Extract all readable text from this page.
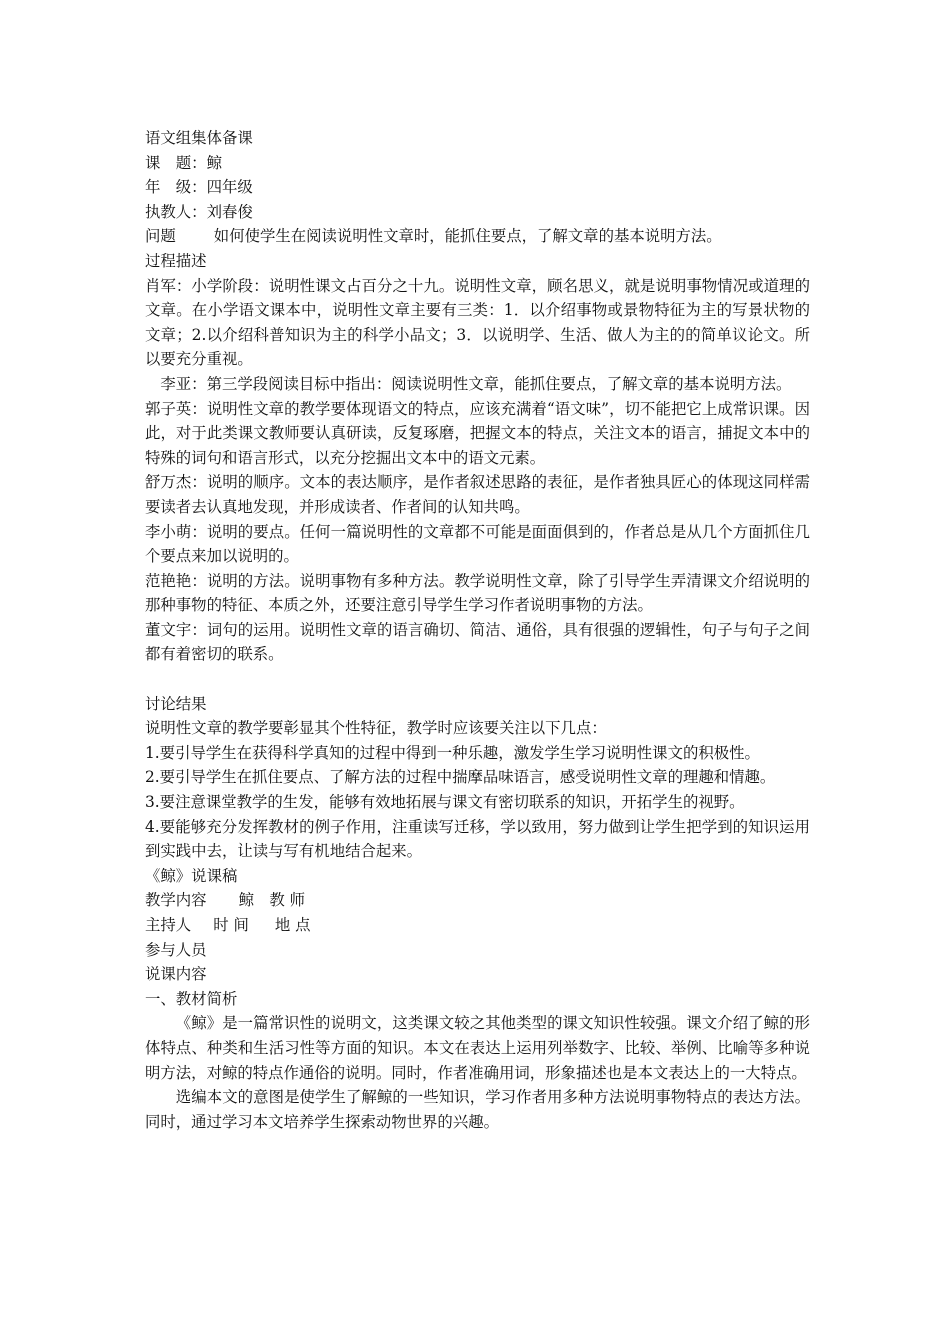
语文组集体备课

课　题：鲸

年　级：四年级

执教人：刘春俊

问题 如何使学生在阅读说明性文章时，能抓住要点，了解文章的基本说明方法。

过程描述

肖军：小学阶段：说明性课文占百分之十九。说明性文章，顾名思义，就是说明事物情况或道理的文章。在小学语文课本中，说明性文章主要有三类：1．以介绍事物或景物特征为主的写景状物的文章；2.以介绍科普知识为主的科学小品文；3．以说明学、生活、做人为主的的简单议论文。所以要充分重视。

李亚：第三学段阅读目标中指出：阅读说明性文章，能抓住要点，了解文章的基本说明方法。

郭子英：说明性文章的教学要体现语文的特点，应该充满着“语文味”，切不能把它上成常识课。因此，对于此类课文教师要认真研读，反复琢磨，把握文本的特点，关注文本的语言，捕捉文本中的特殊的词句和语言形式，以充分挖掘出文本中的语文元素。

舒万杰：说明的顺序。文本的表达顺序，是作者叙述思路的表征，是作者独具匠心的体现这同样需要读者去认真地发现，并形成读者、作者间的认知共鸣。

李小萌：说明的要点。任何一篇说明性的文章都不可能是面面俱到的，作者总是从几个方面抓住几个要点来加以说明的。

范艳艳：说明的方法。说明事物有多种方法。教学说明性文章，除了引导学生弄清课文介绍说明的那种事物的特征、本质之外，还要注意引导学生学习作者说明事物的方法。

董文宇：词句的运用。说明性文章的语言确切、简洁、通俗，具有很强的逻辑性，句子与句子之间都有着密切的联系。

讨论结果

说明性文章的教学要彰显其个性特征，教学时应该要关注以下几点：

1.要引导学生在获得科学真知的过程中得到一种乐趣，激发学生学习说明性课文的积极性。

2.要引导学生在抓住要点、了解方法的过程中揣摩品味语言，感受说明性文章的理趣和情趣。

3.要注意课堂教学的生发，能够有效地拓展与课文有密切联系的知识，开拓学生的视野。

4.要能够充分发挥教材的例子作用，注重读写迁移，学以致用，努力做到让学生把学到的知识运用到实践中去，让读与写有机地结合起来。

《鲸》说课稿

教学内容 鲸　教 师

主持人 时 间 地 点

参与人员

说课内容

一、教材简析

《鲸》是一篇常识性的说明文，这类课文较之其他类型的课文知识性较强。课文介绍了鲸的形体特点、种类和生活习性等方面的知识。本文在表达上运用列举数字、比较、举例、比喻等多种说明方法，对鲸的特点作通俗的说明。同时，作者准确用词，形象描述也是本文表达上的一大特点。

选编本文的意图是使学生了解鲸的一些知识，学习作者用多种方法说明事物特点的表达方法。同时，通过学习本文培养学生探索动物世界的兴趣。
